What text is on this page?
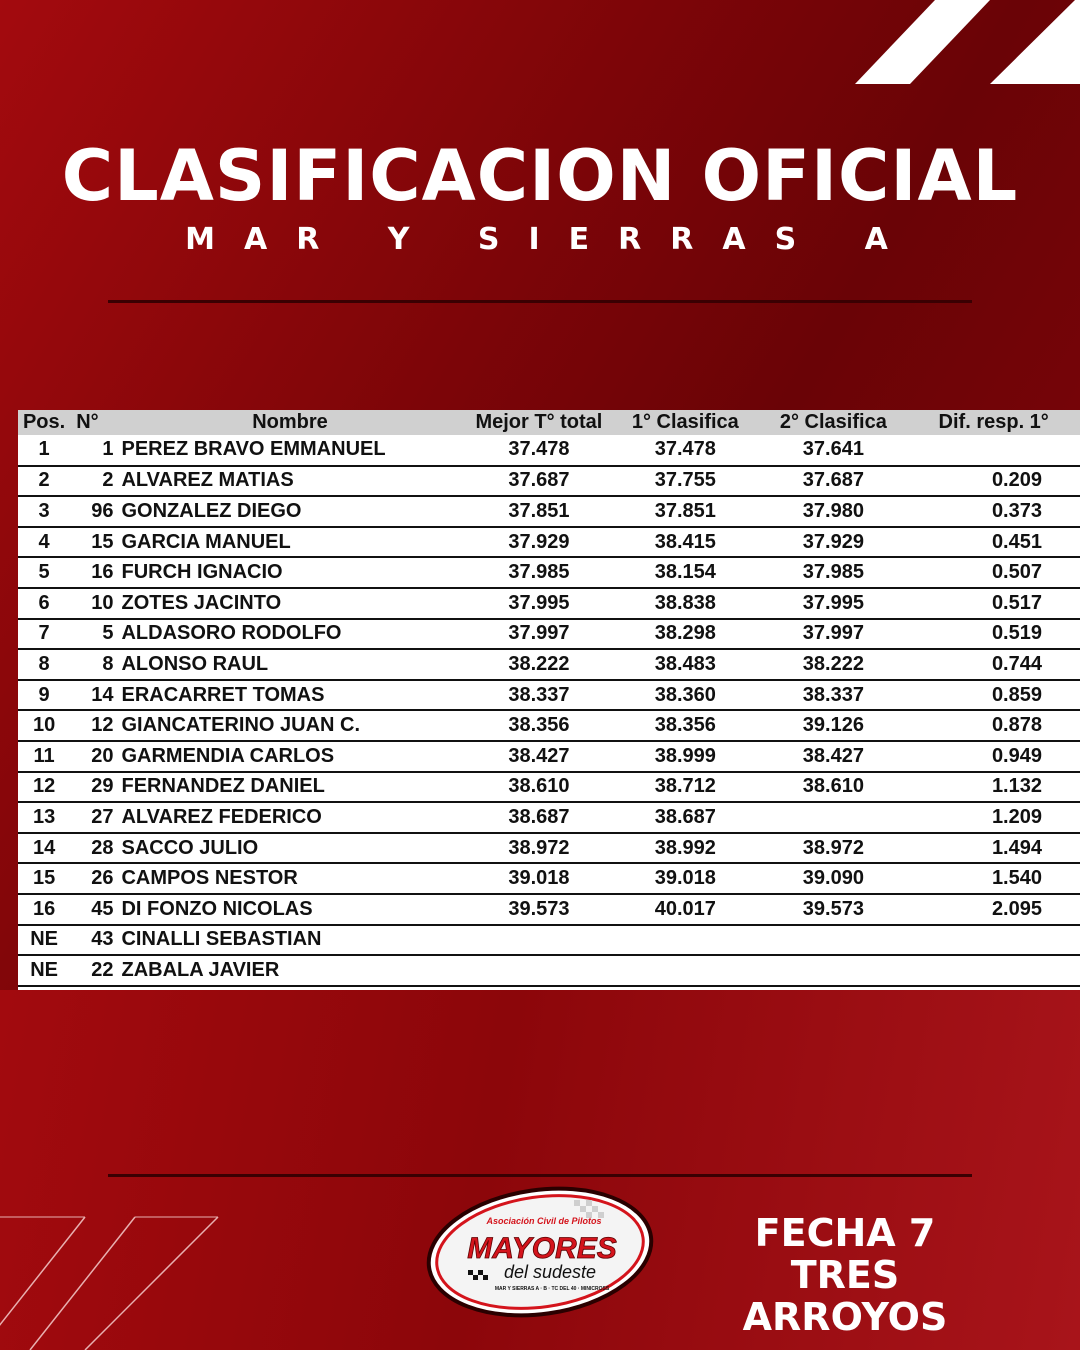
CLASIFICACION OFICIAL
MAR Y SIERRAS A
Pos.	N°	Nombre	Mejor T° total	1° Clasifica	2° Clasifica	Dif. resp. 1°
1	1	PEREZ BRAVO EMMANUEL	37.478	37.478	37.641	
2	2	ALVAREZ MATIAS	37.687	37.755	37.687	0.209
3	96	GONZALEZ DIEGO	37.851	37.851	37.980	0.373
4	15	GARCIA MANUEL	37.929	38.415	37.929	0.451
5	16	FURCH IGNACIO	37.985	38.154	37.985	0.507
6	10	ZOTES JACINTO	37.995	38.838	37.995	0.517
7	5	ALDASORO RODOLFO	37.997	38.298	37.997	0.519
8	8	ALONSO RAUL	38.222	38.483	38.222	0.744
9	14	ERACARRET TOMAS	38.337	38.360	38.337	0.859
10	12	GIANCATERINO JUAN C.	38.356	38.356	39.126	0.878
11	20	GARMENDIA CARLOS	38.427	38.999	38.427	0.949
12	29	FERNANDEZ DANIEL	38.610	38.712	38.610	1.132
13	27	ALVAREZ FEDERICO	38.687	38.687		1.209
14	28	SACCO JULIO	38.972	38.992	38.972	1.494
15	26	CAMPOS NESTOR	39.018	39.018	39.090	1.540
16	45	DI FONZO NICOLAS	39.573	40.017	39.573	2.095
NE	43	CINALLI SEBASTIAN				
NE	22	ZABALA JAVIER				
Asociación Civil de Pilotos
MAYORES
del sudeste
MAR Y SIERRAS A · B · TC DEL 40 · MINICROSS
FECHA 7
TRES ARROYOS
